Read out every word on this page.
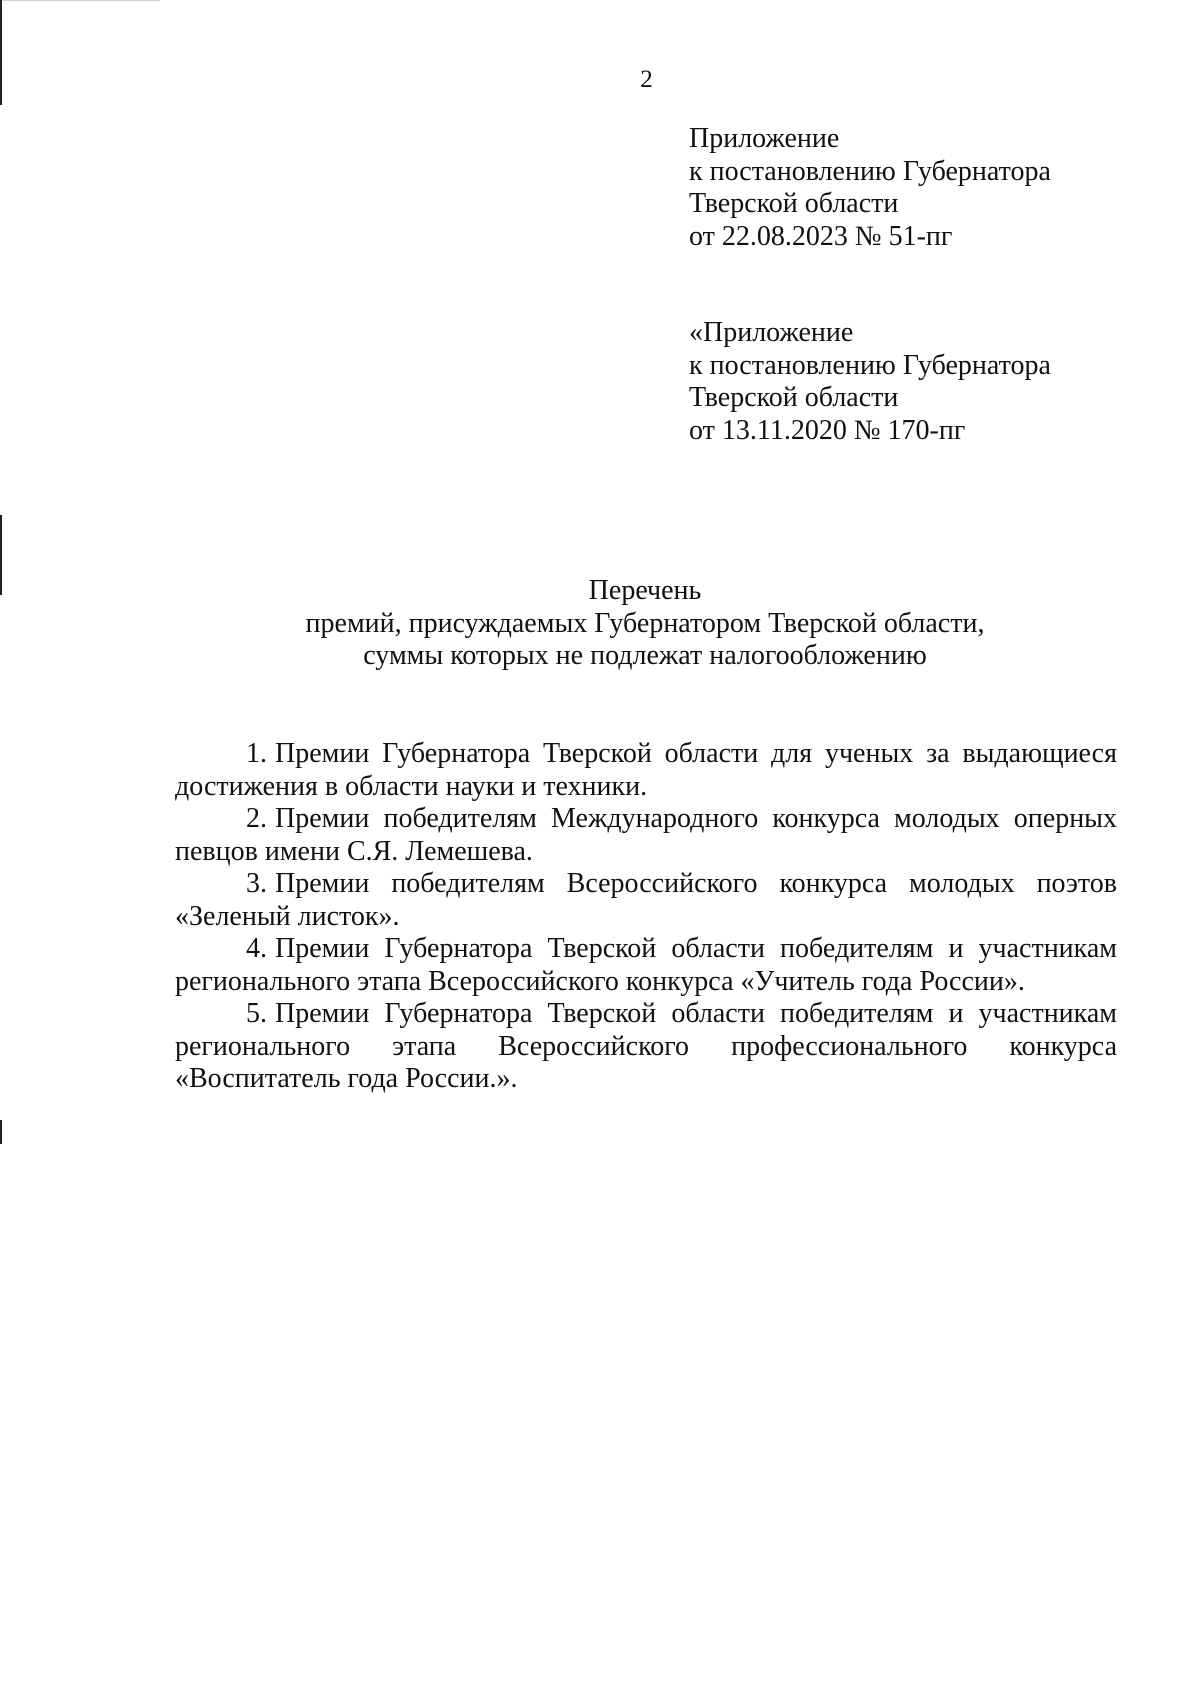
2
Приложение
к постановлению Губернатора
Тверской области
от 22.08.2023 № 51-пг
«Приложение
к постановлению Губернатора
Тверской области
от 13.11.2020 № 170-пг
Перечень
премий, присуждаемых Губернатором Тверской области,
суммы которых не подлежат налогообложению

1. Премии Губернатора Тверской области для ученых за выдающиеся достижения в области науки и техники.

2. Премии победителям Международного конкурса молодых оперных певцов имени С.Я. Лемешева.

3. Премии победителям Всероссийского конкурса молодых поэтов «Зеленый листок».

4. Премии Губернатора Тверской области победителям и участникам регионального этапа Всероссийского конкурса «Учитель года России».

5. Премии Губернатора Тверской области победителям и участникам регионального этапа Всероссийского профессионального конкурса «Воспитатель года России.».
